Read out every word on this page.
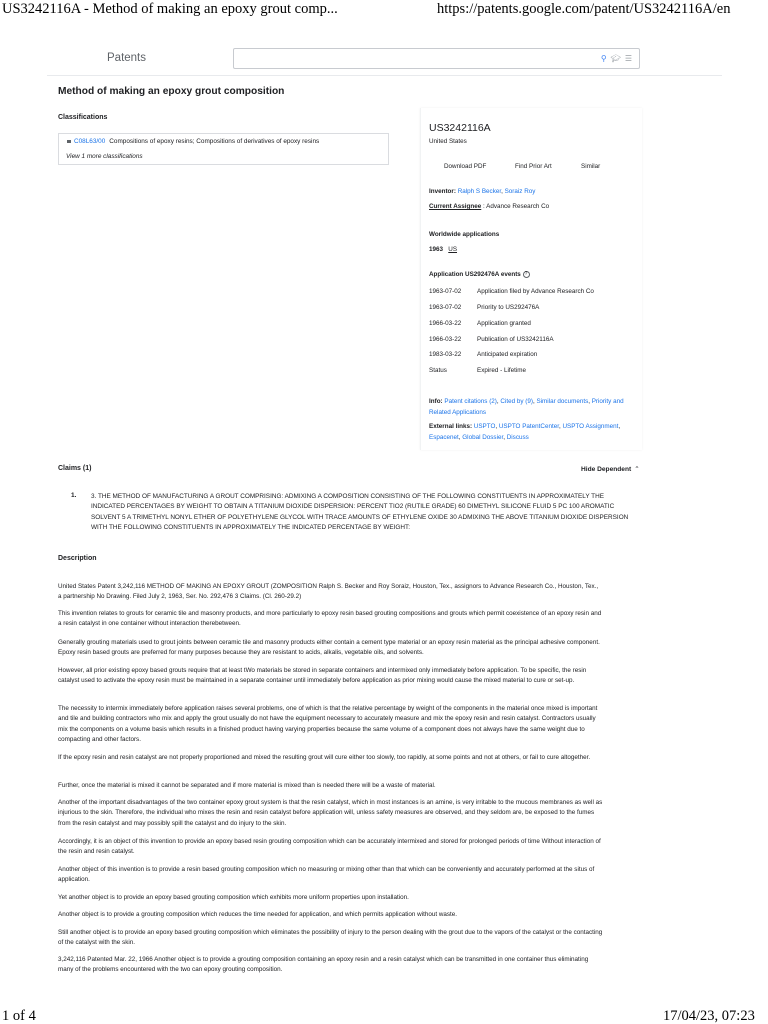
US3242116A - Method of making an epoxy grout comp...	https://patents.google.com/patent/US3242116A/en
Patents	⚲ 🎓︎ ☰
Method of making an epoxy grout composition
Classifications
C08L63/00 Compositions of epoxy resins; Compositions of derivatives of epoxy resins
View 1 more classifications
US3242116A
United States
Download PDF	Find Prior Art	Similar
Inventor: Ralph S Becker, Soraiz Roy
Current Assignee : Advance Research Co
Worldwide applications
1963 US
Application US292476A events ?
1963-07-02	Application filed by Advance Research Co
1963-07-02	Priority to US292476A
1966-03-22	Application granted
1966-03-22	Publication of US3242116A
1983-03-22	Anticipated expiration
Status	Expired - Lifetime
Info: Patent citations (2), Cited by (9), Similar documents, Priority and Related Applications
External links: USPTO, USPTO PatentCenter, USPTO Assignment, Espacenet, Global Dossier, Discuss
Claims (1)	Hide Dependent ⌃
1. 3. THE METHOD OF MANUFACTURING A GROUT COMPRISING: ADMIXING A COMPOSITION CONSISTING OF THE FOLLOWING CONSTITUENTS IN APPROXIMATELY THE INDICATED PERCENTAGES BY WEIGHT TO OBTAIN A TITANIUM DIOXIDE DISPERSION: PERCENT TIO2 (RUTILE GRADE) 60 DIMETHYL SILICONE FLUID 5 PC 100 AROMATIC SOLVENT 5 A TRIMETHYL NONYL ETHER OF POLYETHYLENE GLYCOL WITH TRACE AMOUNTS OF ETHYLENE OXIDE 30 ADMIXING THE ABOVE TITANIUM DIOXIDE DISPERSION WITH THE FOLLOWING CONSTITUENTS IN APPROXIMATELY THE INDICATED PERCENTAGE BY WEIGHT:
Description
United States Patent 3,242,116 METHOD OF MAKING AN EPOXY GROUT (ZOMPOSITION Ralph S. Becker and Roy Soraiz, Houston, Tex., assignors to Advance Research Co., Houston, Tex., a partnership No Drawing. Filed July 2, 1963, Ser. No. 292,476 3 Claims. (Cl. 260-29.2)
This invention relates to grouts for ceramic tile and masonry products, and more particularly to epoxy resin based grouting compositions and grouts which permit coexistence of an epoxy resin and a resin catalyst in one container without interaction therebetween.
Generally grouting materials used to grout joints between ceramic tile and masonry products either contain a cement type material or an epoxy resin material as the principal adhesive component. Epoxy resin based grouts are preferred for many purposes because they are resistant to acids, alkalis, vegetable oils, and solvents.
However, all prior existing epoxy based grouts require that at least tWo materials be stored in separate containers and intermixed only immediately before application. To be specific, the resin catalyst used to activate the epoxy resin must be maintained in a separate container until immediately before application as prior mixing would cause the mixed material to cure or set-up.
The necessity to intermix immediately before application raises several problems, one of which is that the relative percentage by weight of the components in the material once mixed is important and tile and building contractors who mix and apply the grout usually do not have the equipment necessary to accurately measure and mix the epoxy resin and resin catalyst. Contractors usually mix the components on a volume basis which results in a finished product having varying properties because the same volume of a component does not always have the same weight due to compacting and other factors.
If the epoxy resin and resin catalyst are not properly proportioned and mixed the resulting grout will cure either too slowly, too rapidly, at some points and not at others, or fail to cure altogether.
Further, once the material is mixed it cannot be separated and if more material is mixed than is needed there will be a waste of material.
Another of the important disadvantages of the two container epoxy grout system is that the resin catalyst, which in most instances is an amine, is very irritable to the mucous membranes as well as injurious to the skin. Therefore, the individual who mixes the resin and resin catalyst before application will, unless safety measures are observed, and they seldom are, be exposed to the fumes from the resin catalyst and may possibly spill the catalyst and do injury to the skin.
Accordingly, it is an object of this invention to provide an epoxy based resin grouting composition which can be accurately intermixed and stored for prolonged periods of time Without interaction of the resin and resin catalyst.
Another object of this invention is to provide a resin based grouting composition which no measuring or mixing other than that which can be conveniently and accurately performed at the situs of application.
Yet another object is to provide an epoxy based grouting composition which exhibits more uniform properties upon installation.
Another object is to provide a grouting composition which reduces the time needed for application, and which permits application without waste.
Still another object is to provide an epoxy based grouting composition which eliminates the possibility of injury to the person dealing with the grout due to the vapors of the catalyst or the contacting of the catalyst with the skin.
3,242,116 Patented Mar. 22, 1966 Another object is to provide a grouting composition containing an epoxy resin and a resin catalyst which can be transmitted in one container thus eliminating many of the problems encountered with the two can epoxy grouting composition.
1 of 4	17/04/23, 07:23
